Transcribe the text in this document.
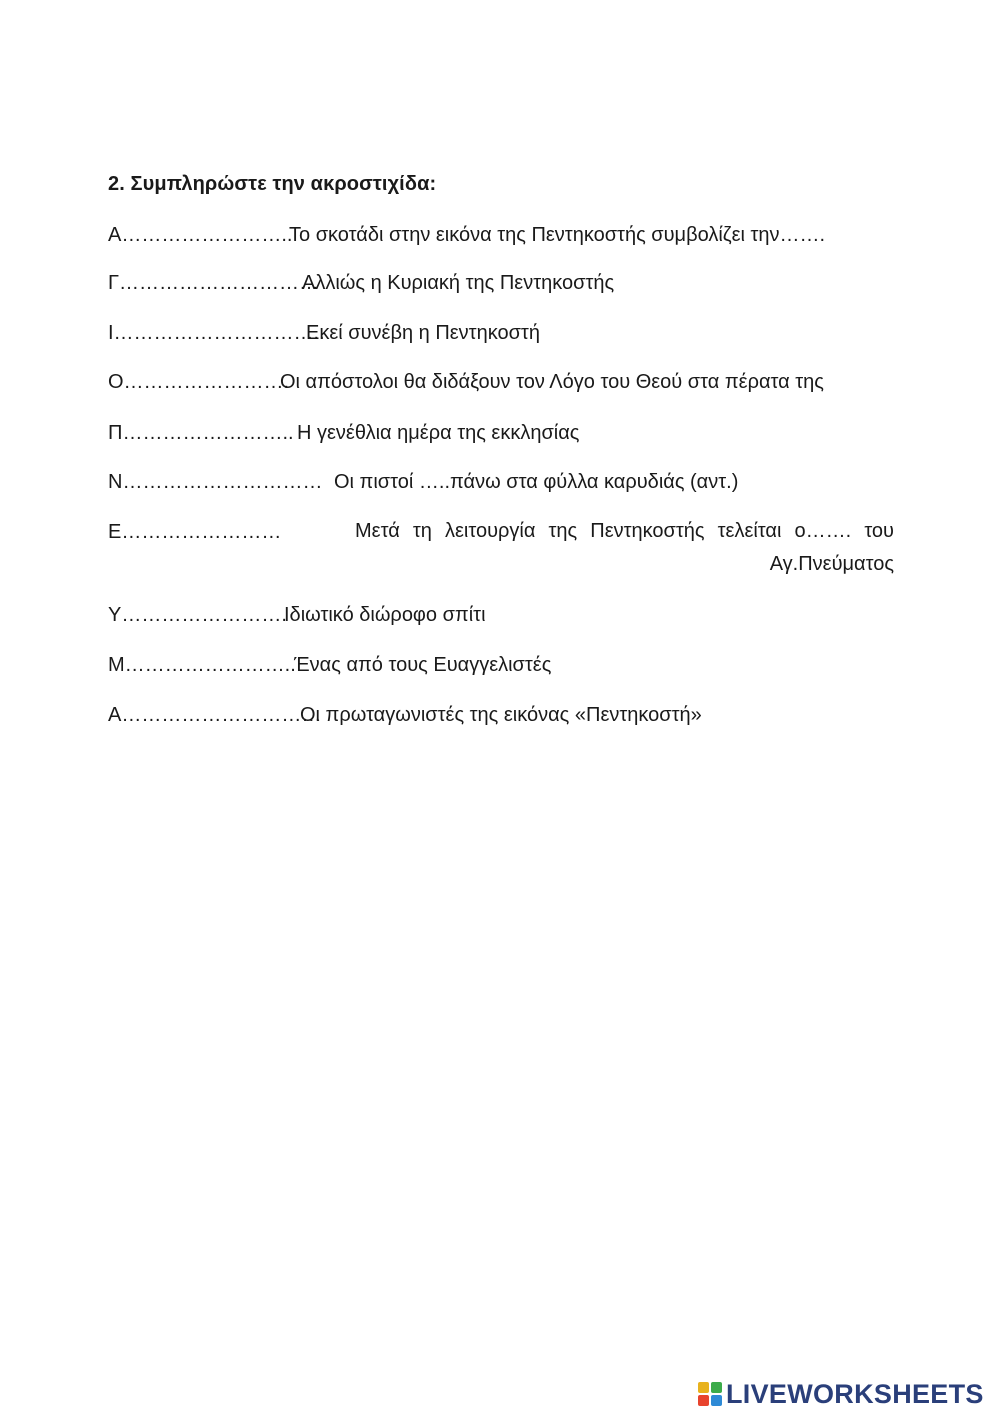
2. Συμπληρώστε την ακροστιχίδα:
Α……………………..
Το σκοτάδι στην εικόνα της Πεντηκοστής συμβολίζει την…….
Γ…………………………
Αλλιώς η Κυριακή της Πεντηκοστής
Ι…………………………..
Εκεί συνέβη η Πεντηκοστή
Ο…………………….
Οι απόστολοι θα διδάξουν τον Λόγο του Θεού στα πέρατα της
Π…………………….. Η γενέθλια ημέρα της εκκλησίας
Ν………………………… Οι πιστοί …..πάνω στα φύλλα καρυδιάς (αντ.)
Ε……………………	Μετά τη λειτουργία της Πεντηκοστής τελείται ο……. του Αγ.Πνεύματος
Υ…………………….
Ιδιωτικό διώροφο σπίτι
Μ……………………..
Ένας από τους Ευαγγελιστές
Α…………………………
Οι πρωταγωνιστές της εικόνας «Πεντηκοστή»
LIVEWORKSHEETS
